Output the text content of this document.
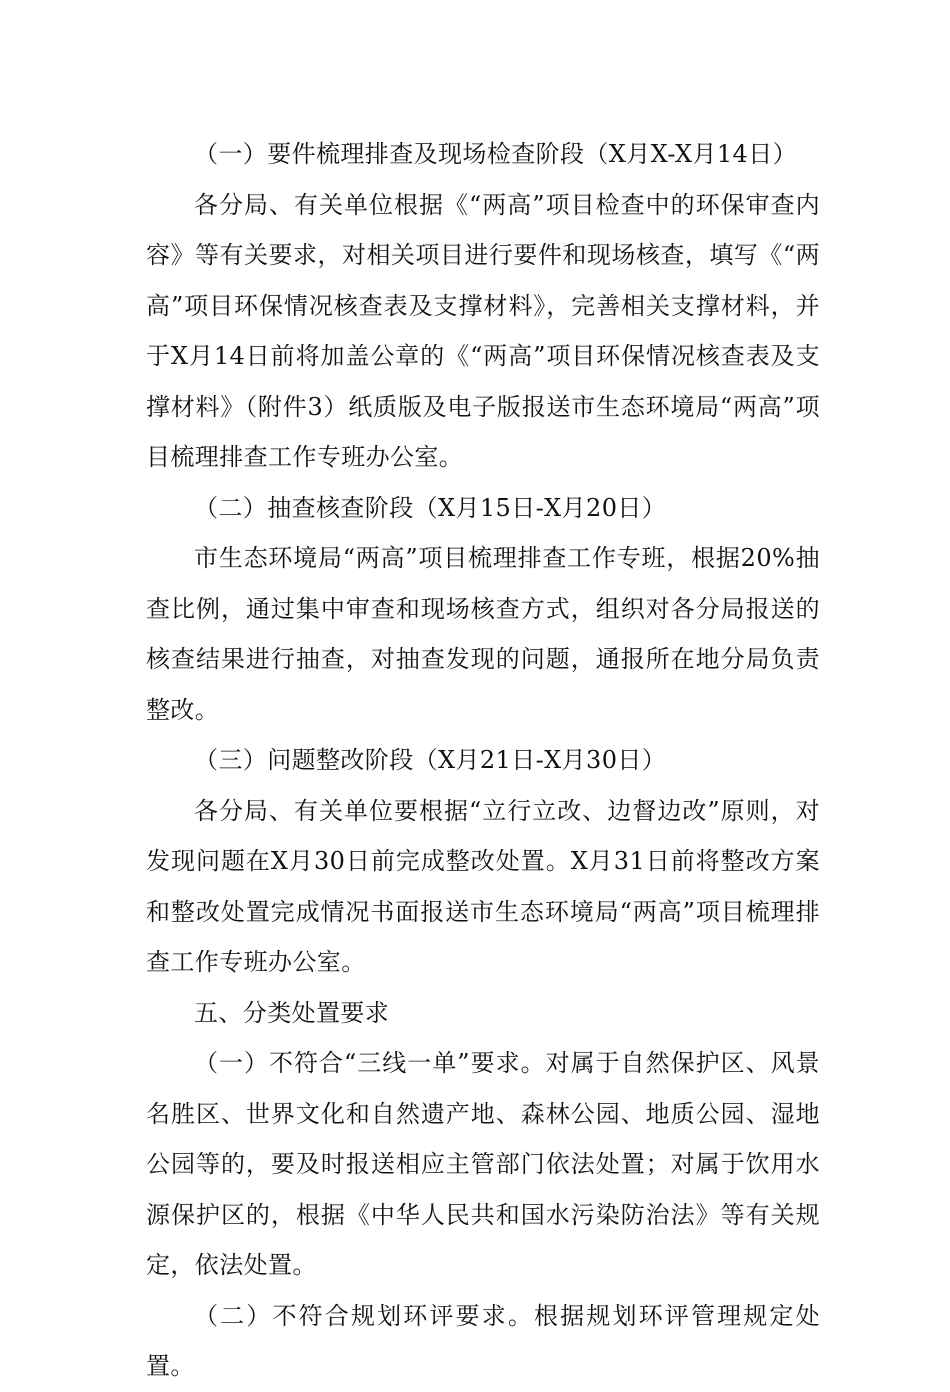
（一）要件梳理排查及现场检查阶段（X月X-X月14日）

各分局、有关单位根据《“两高”项目检查中的环保审查内容》等有关要求，对相关项目进行要件和现场核查，填写《“两高”项目环保情况核查表及支撑材料》，完善相关支撑材料，并于X月14日前将加盖公章的《“两高”项目环保情况核查表及支撑材料》（附件3）纸质版及电子版报送市生态环境局“两高”项目梳理排查工作专班办公室。

（二）抽查核查阶段（X月15日-X月20日）

市生态环境局“两高”项目梳理排查工作专班，根据20%抽查比例，通过集中审查和现场核查方式，组织对各分局报送的核查结果进行抽查，对抽查发现的问题，通报所在地分局负责整改。

（三）问题整改阶段（X月21日-X月30日）

各分局、有关单位要根据“立行立改、边督边改”原则，对发现问题在X月30日前完成整改处置。X月31日前将整改方案和整改处置完成情况书面报送市生态环境局“两高”项目梳理排查工作专班办公室。

五、分类处置要求

（一）不符合“三线一单”要求。对属于自然保护区、风景名胜区、世界文化和自然遗产地、森林公园、地质公园、湿地公园等的，要及时报送相应主管部门依法处置；对属于饮用水源保护区的，根据《中华人民共和国水污染防治法》等有关规定，依法处置。

（二）不符合规划环评要求。根据规划环评管理规定处置。
